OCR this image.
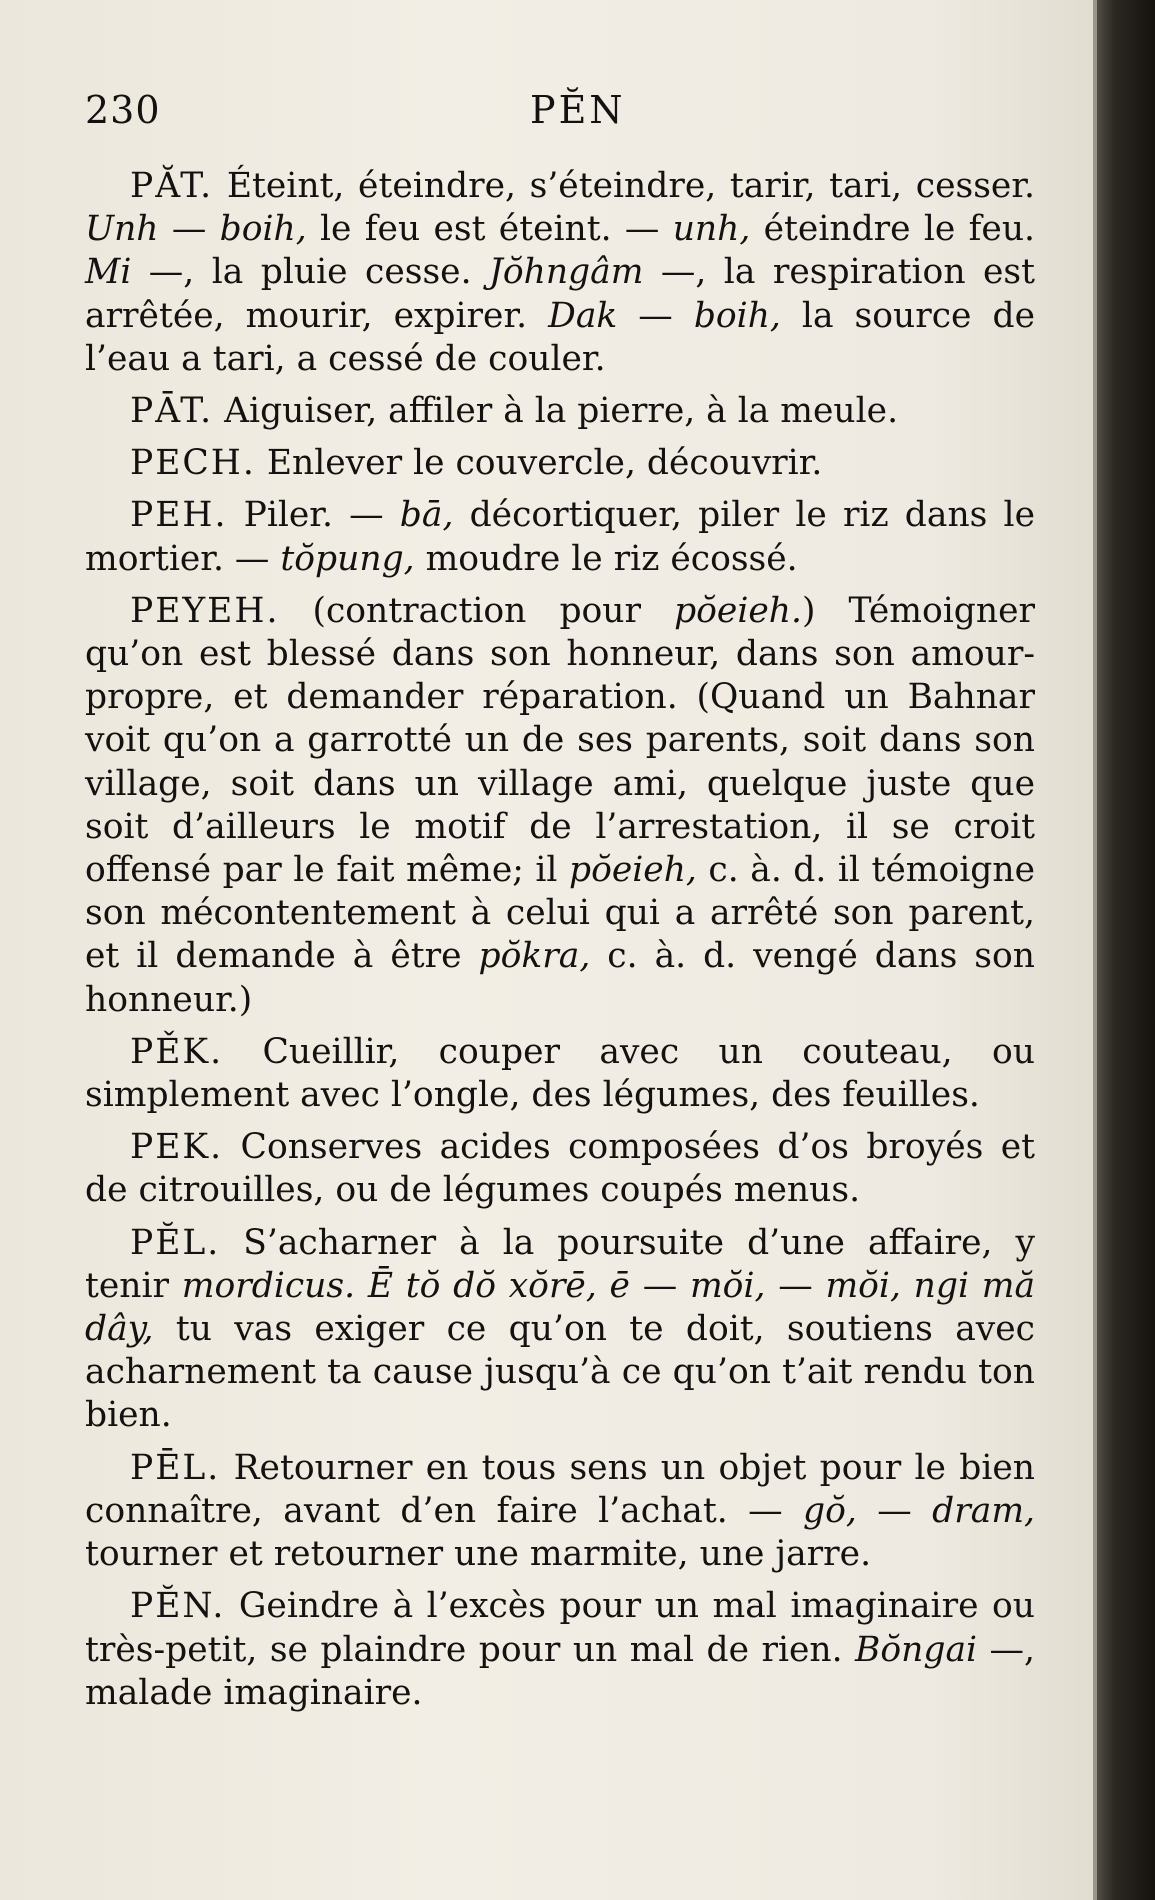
230	PĔN

PĂT. Éteint, éteindre, s’éteindre, tarir, tari, cesser. Unh — boih, le feu est éteint. — unh, éteindre le feu. Mi —, la pluie cesse. Jŏhngâm —, la respiration est arrêtée, mourir, expirer. Dak — boih, la source de l’eau a tari, a cessé de couler.

PĀT. Aiguiser, affiler à la pierre, à la meule.

PECH. Enlever le couvercle, découvrir.

PEH. Piler. — bā, décortiquer, piler le riz dans le mortier. — tŏpung, moudre le riz écossé.

PEYEH. (contraction pour pŏeieh.) Témoigner qu’on est blessé dans son honneur, dans son amour-propre, et demander réparation. (Quand un Bahnar voit qu’on a garrotté un de ses parents, soit dans son village, soit dans un village ami, quelque juste que soit d’ailleurs le motif de l’arrestation, il se croit offensé par le fait même; il pŏeieh, c. à. d. il témoigne son mécontentement à celui qui a arrêté son parent, et il demande à être pŏkra, c. à. d. vengé dans son honneur.)

PĚK. Cueillir, couper avec un couteau, ou simplement avec l’ongle, des légumes, des feuilles.

PEK. Conserves acides composées d’os broyés et de citrouilles, ou de légumes coupés menus.

PĔL. S’acharner à la poursuite d’une affaire, y tenir mordicus. Ē tŏ dŏ xŏrē, ē — mŏi, — mŏi, ngi mă dây, tu vas exiger ce qu’on te doit, soutiens avec acharnement ta cause jusqu’à ce qu’on t’ait rendu ton bien.

PĒL. Retourner en tous sens un objet pour le bien connaître, avant d’en faire l’achat. — gŏ, — dram, tourner et retourner une marmite, une jarre.

PĔN. Geindre à l’excès pour un mal imaginaire ou très-petit, se plaindre pour un mal de rien. Bŏngai —, malade imaginaire.
